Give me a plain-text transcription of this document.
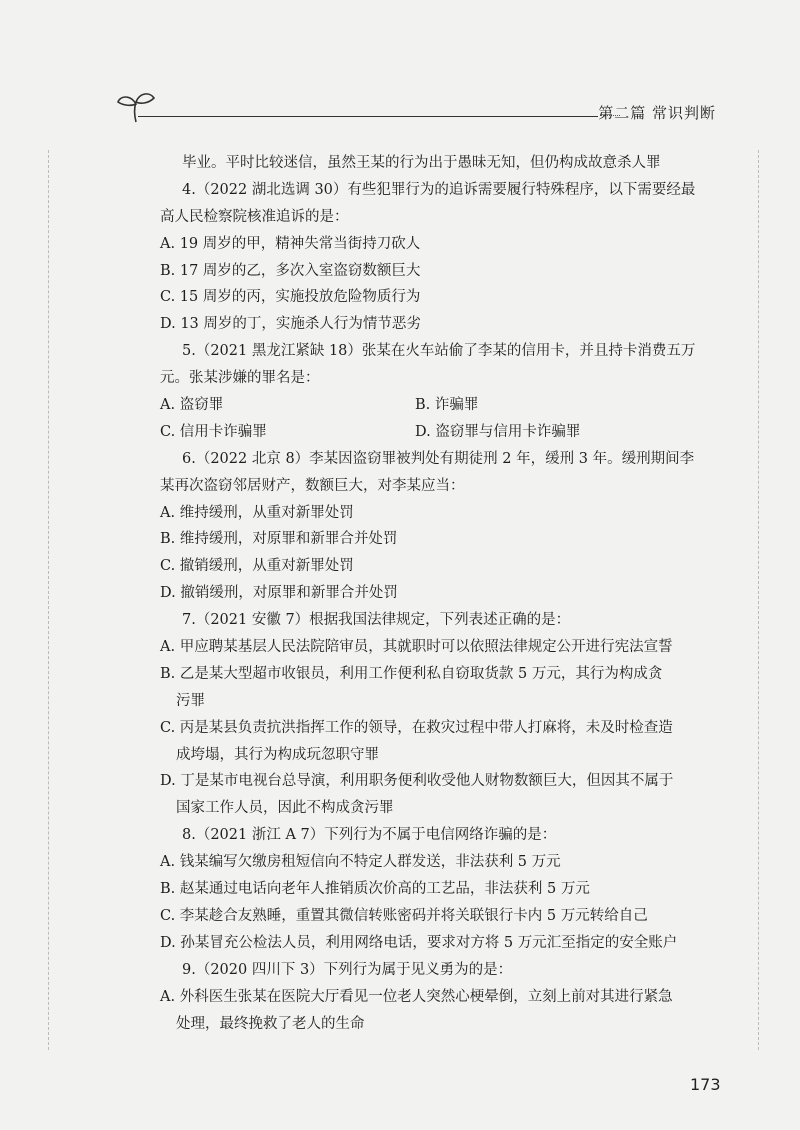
第二篇 常识判断
毕业。平时比较迷信，虽然王某的行为出于愚昧无知，但仍构成故意杀人罪
4.（2022 湖北选调 30）有些犯罪行为的追诉需要履行特殊程序，以下需要经最
高人民检察院核准追诉的是：
A. 19 周岁的甲，精神失常当街持刀砍人
B. 17 周岁的乙，多次入室盗窃数额巨大
C. 15 周岁的丙，实施投放危险物质行为
D. 13 周岁的丁，实施杀人行为情节恶劣
5.（2021 黑龙江紧缺 18）张某在火车站偷了李某的信用卡，并且持卡消费五万
元。张某涉嫌的罪名是：
A. 盗窃罪	B. 诈骗罪
C. 信用卡诈骗罪	D. 盗窃罪与信用卡诈骗罪
6.（2022 北京 8）李某因盗窃罪被判处有期徒刑 2 年，缓刑 3 年。缓刑期间李
某再次盗窃邻居财产，数额巨大，对李某应当：
A. 维持缓刑，从重对新罪处罚
B. 维持缓刑，对原罪和新罪合并处罚
C. 撤销缓刑，从重对新罪处罚
D. 撤销缓刑，对原罪和新罪合并处罚
7.（2021 安徽 7）根据我国法律规定，下列表述正确的是：
A. 甲应聘某基层人民法院陪审员，其就职时可以依照法律规定公开进行宪法宣誓
B. 乙是某大型超市收银员，利用工作便利私自窃取货款 5 万元，其行为构成贪
污罪
C. 丙是某县负责抗洪指挥工作的领导，在救灾过程中带人打麻将，未及时检查造
成垮塌，其行为构成玩忽职守罪
D. 丁是某市电视台总导演，利用职务便利收受他人财物数额巨大，但因其不属于
国家工作人员，因此不构成贪污罪
8.（2021 浙江 A 7）下列行为不属于电信网络诈骗的是：
A. 钱某编写欠缴房租短信向不特定人群发送，非法获利 5 万元
B. 赵某通过电话向老年人推销质次价高的工艺品，非法获利 5 万元
C. 李某趁合友熟睡，重置其微信转账密码并将关联银行卡内 5 万元转给自己
D. 孙某冒充公检法人员，利用网络电话，要求对方将 5 万元汇至指定的安全账户
9.（2020 四川下 3）下列行为属于见义勇为的是：
A. 外科医生张某在医院大厅看见一位老人突然心梗晕倒，立刻上前对其进行紧急
处理，最终挽救了老人的生命
173
